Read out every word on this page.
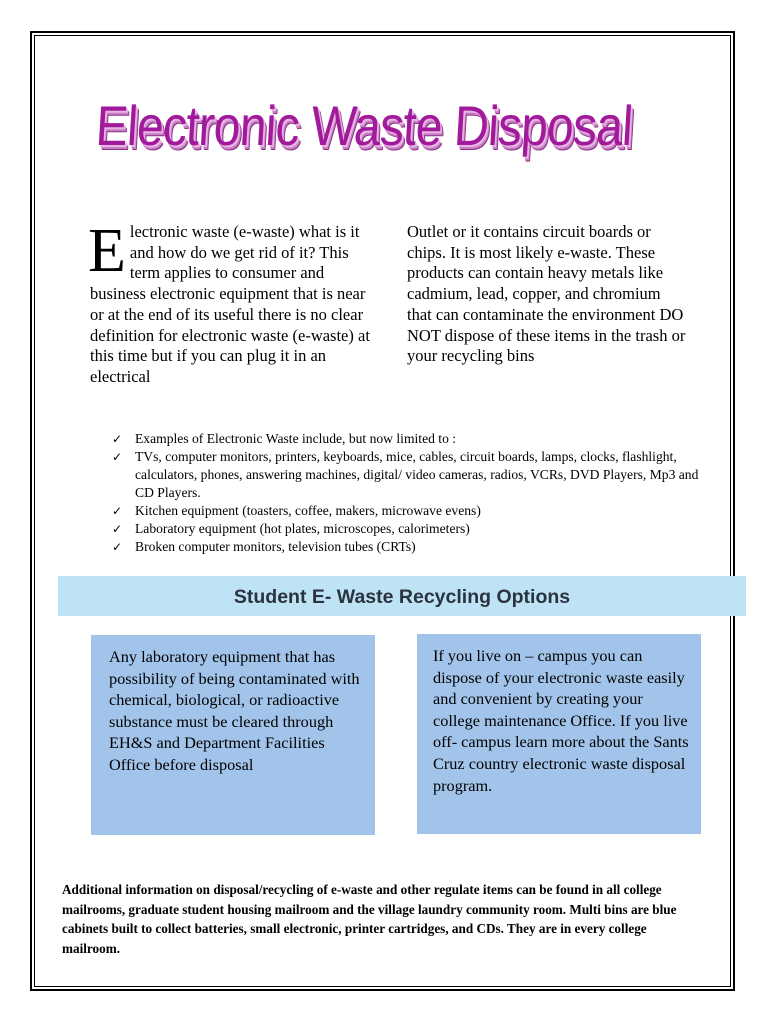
Electronic Waste Disposal
Electronic waste (e-waste) what is it and how do we get rid of it? This term applies to consumer and business electronic equipment that is near or at the end of its useful there is no clear definition for electronic waste (e-waste) at this time but if you can plug it in an electrical
Outlet or it contains circuit boards or chips. It is most likely e-waste. These products can contain heavy metals like cadmium, lead, copper, and chromium that can contaminate the environment DO NOT dispose of these items in the trash or your recycling bins
✓ Examples of Electronic Waste include, but now limited to :
✓ TVs, computer monitors, printers, keyboards, mice, cables, circuit boards, lamps, clocks, flashlight, calculators, phones, answering machines, digital/ video cameras, radios, VCRs, DVD Players, Mp3 and CD Players.
✓ Kitchen equipment (toasters, coffee, makers, microwave evens)
✓ Laboratory equipment (hot plates, microscopes, calorimeters)
✓ Broken computer monitors, television tubes (CRTs)
Student E- Waste Recycling Options
Any laboratory equipment that has possibility of being contaminated with chemical, biological, or radioactive substance must be cleared through EH&S and Department Facilities Office before disposal
If you live on – campus you can dispose of your electronic waste easily and convenient by creating your college maintenance Office. If you live off- campus learn more about the Sants Cruz country electronic waste disposal program.
Additional information on disposal/recycling of e-waste and other regulate items can be found in all college mailrooms, graduate student housing mailroom and the village laundry community room. Multi bins are blue cabinets built to collect batteries, small electronic, printer cartridges, and CDs. They are in every college mailroom.
